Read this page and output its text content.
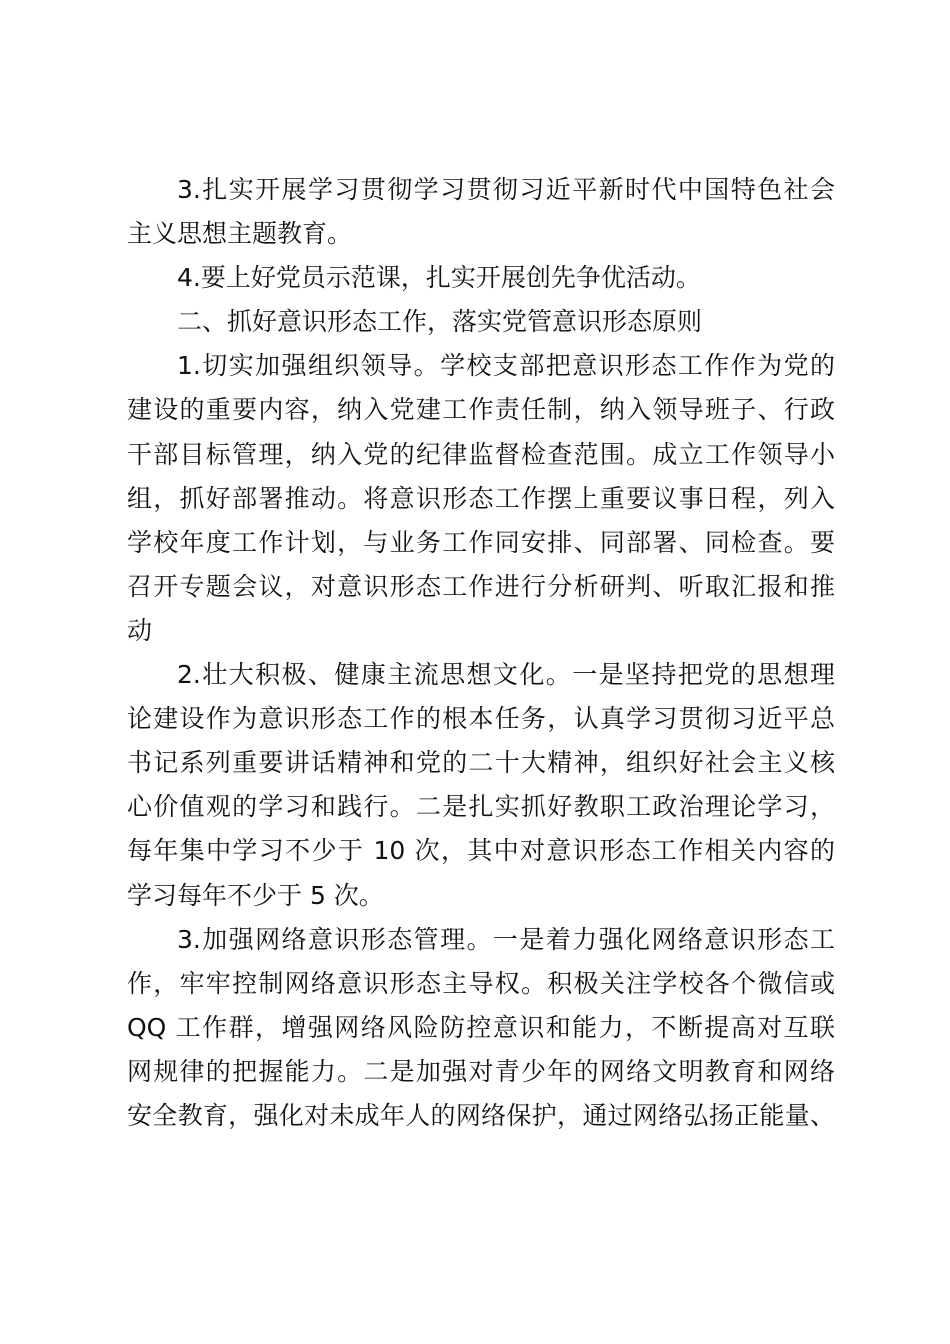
3.扎实开展学习贯彻学习贯彻习近平新时代中国特色社会
主义思想主题教育。
4.要上好党员示范课，扎实开展创先争优活动。
二、抓好意识形态工作，落实党管意识形态原则
1.切实加强组织领导。学校支部把意识形态工作作为党的
建设的重要内容，纳入党建工作责任制，纳入领导班子、行政
干部目标管理，纳入党的纪律监督检查范围。成立工作领导小
组，抓好部署推动。将意识形态工作摆上重要议事日程，列入
学校年度工作计划，与业务工作同安排、同部署、同检查。要
召开专题会议，对意识形态工作进行分析研判、听取汇报和推
动
2.壮大积极、健康主流思想文化。一是坚持把党的思想理
论建设作为意识形态工作的根本任务，认真学习贯彻习近平总
书记系列重要讲话精神和党的二十大精神，组织好社会主义核
心价值观的学习和践行。二是扎实抓好教职工政治理论学习，
每年集中学习不少于 10 次，其中对意识形态工作相关内容的
学习每年不少于 5 次。
3.加强网络意识形态管理。一是着力强化网络意识形态工
作，牢牢控制网络意识形态主导权。积极关注学校各个微信或
QQ 工作群，增强网络风险防控意识和能力，不断提高对互联
网规律的把握能力。二是加强对青少年的网络文明教育和网络
安全教育，强化对未成年人的网络保护，通过网络弘扬正能量、
